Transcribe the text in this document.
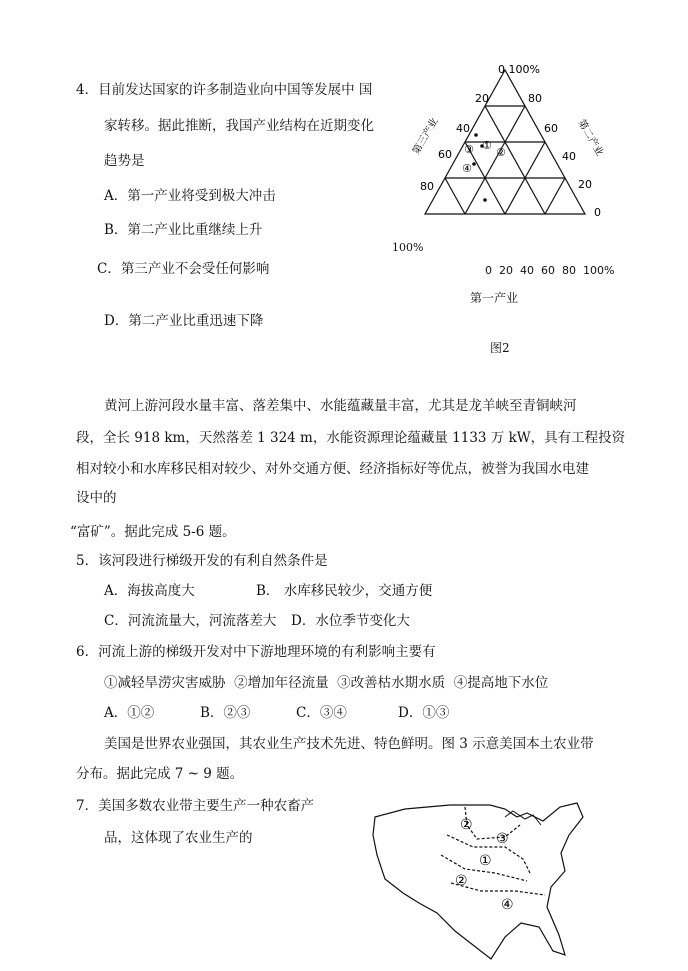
4．目前发达国家的许多制造业向中国等发展中 国
家转移。据此推断，我国产业结构在近期变化
趋势是
A．第一产业将受到极大冲击
B．第二产业比重继续上升
C．第三产业不会受任何影响
D．第二产业比重迅速下降
0 100%
20
40
60
80
80
60
40
20
0
第三产业	第二产业
①
②
③
④
100%
0  20  40  60  80  100%
第一产业
图2
黄河上游河段水量丰富、落差集中、水能蕴藏量丰富，尤其是龙羊峡至青铜峡河
段，全长 918 km，天然落差 1 324 m，水能资源理论蕴藏量 1133 万 kW，具有工程投资
相对较小和水库移民相对较少、对外交通方便、经济指标好等优点，被誉为我国水电建
设中的
“富矿”。据此完成 5-6 题。
5．该河段进行梯级开发的有利自然条件是
A．海拔高度大	B． 水库移民较少，交通方便
C．河流流量大，河流落差大 D．水位季节变化大
6．河流上游的梯级开发对中下游地理环境的有利影响主要有
①减轻旱涝灾害威胁  ②增加年径流量  ③改善枯水期水质  ④提高地下水位
A．①②	B．②③	C．③④	D．①③
美国是世界农业强国，其农业生产技术先进、特色鲜明。图 3 示意美国本土农业带
分布。据此完成 7 ~ 9 题。
7．美国多数农业带主要生产一种农畜产
品，这体现了农业生产的
②
③
①
②
④
